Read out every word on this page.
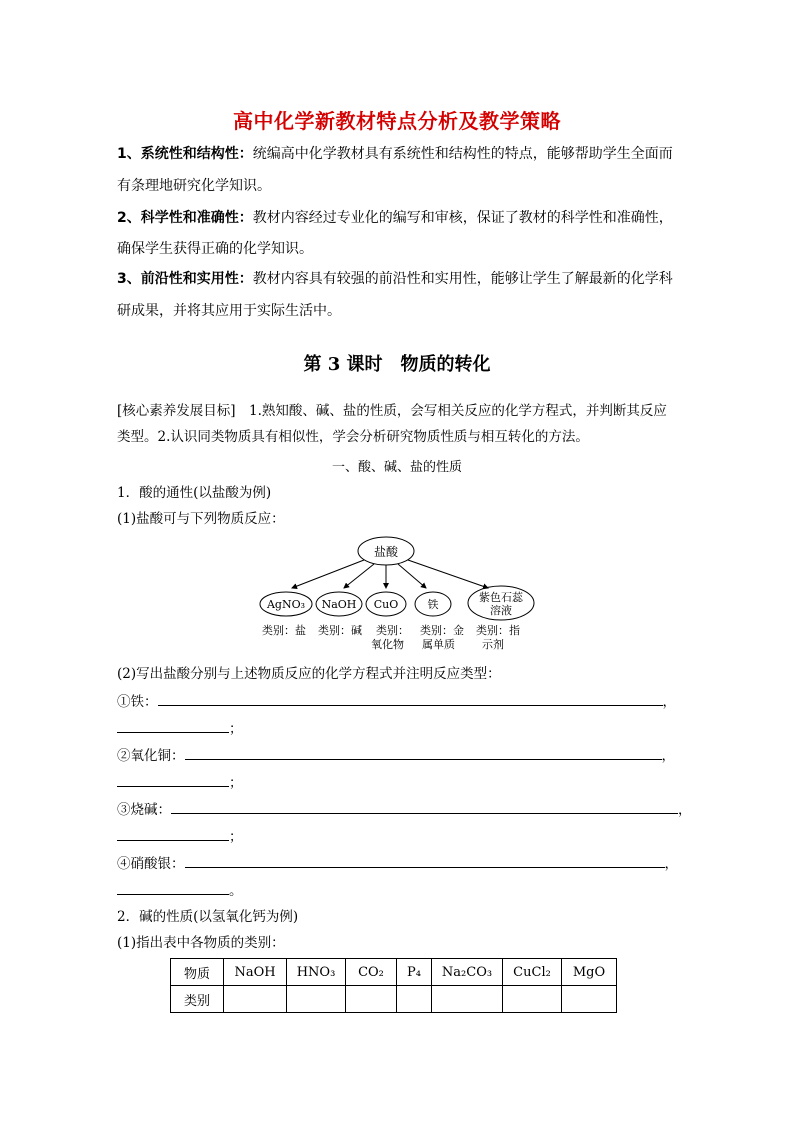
高中化学新教材特点分析及教学策略
1、系统性和结构性：统编高中化学教材具有系统性和结构性的特点，能够帮助学生全面而
有条理地研究化学知识。
2、科学性和准确性：教材内容经过专业化的编写和审核，保证了教材的科学性和准确性，
确保学生获得正确的化学知识。
3、前沿性和实用性：教材内容具有较强的前沿性和实用性，能够让学生了解最新的化学科
研成果，并将其应用于实际生活中。
第 3 课时　物质的转化
[核心素养发展目标]　1.熟知酸、碱、盐的性质，会写相关反应的化学方程式，并判断其反应
类型。2.认识同类物质具有相似性，学会分析研究物质性质与相互转化的方法。
一、酸、碱、盐的性质
1．酸的通性(以盐酸为例)
(1)盐酸可与下列物质反应：
盐酸
AgNO₃ NaOH CuO	铁
紫色石蕊
溶液
类别：盐 类别：碱 类别：
氧化物
类别：金
属单质
类别：指
示剂
(2)写出盐酸分别与上述物质反应的化学方程式并注明反应类型：
①铁：	，
；
②氧化铜：	，
；
③烧碱：	，
；
④硝酸银：	，
。
2．碱的性质(以氢氧化钙为例)
(1)指出表中各物质的类别：
物质	NaOH	HNO₃	CO₂	P₄	Na₂CO₃	CuCl₂	MgO
类别							
